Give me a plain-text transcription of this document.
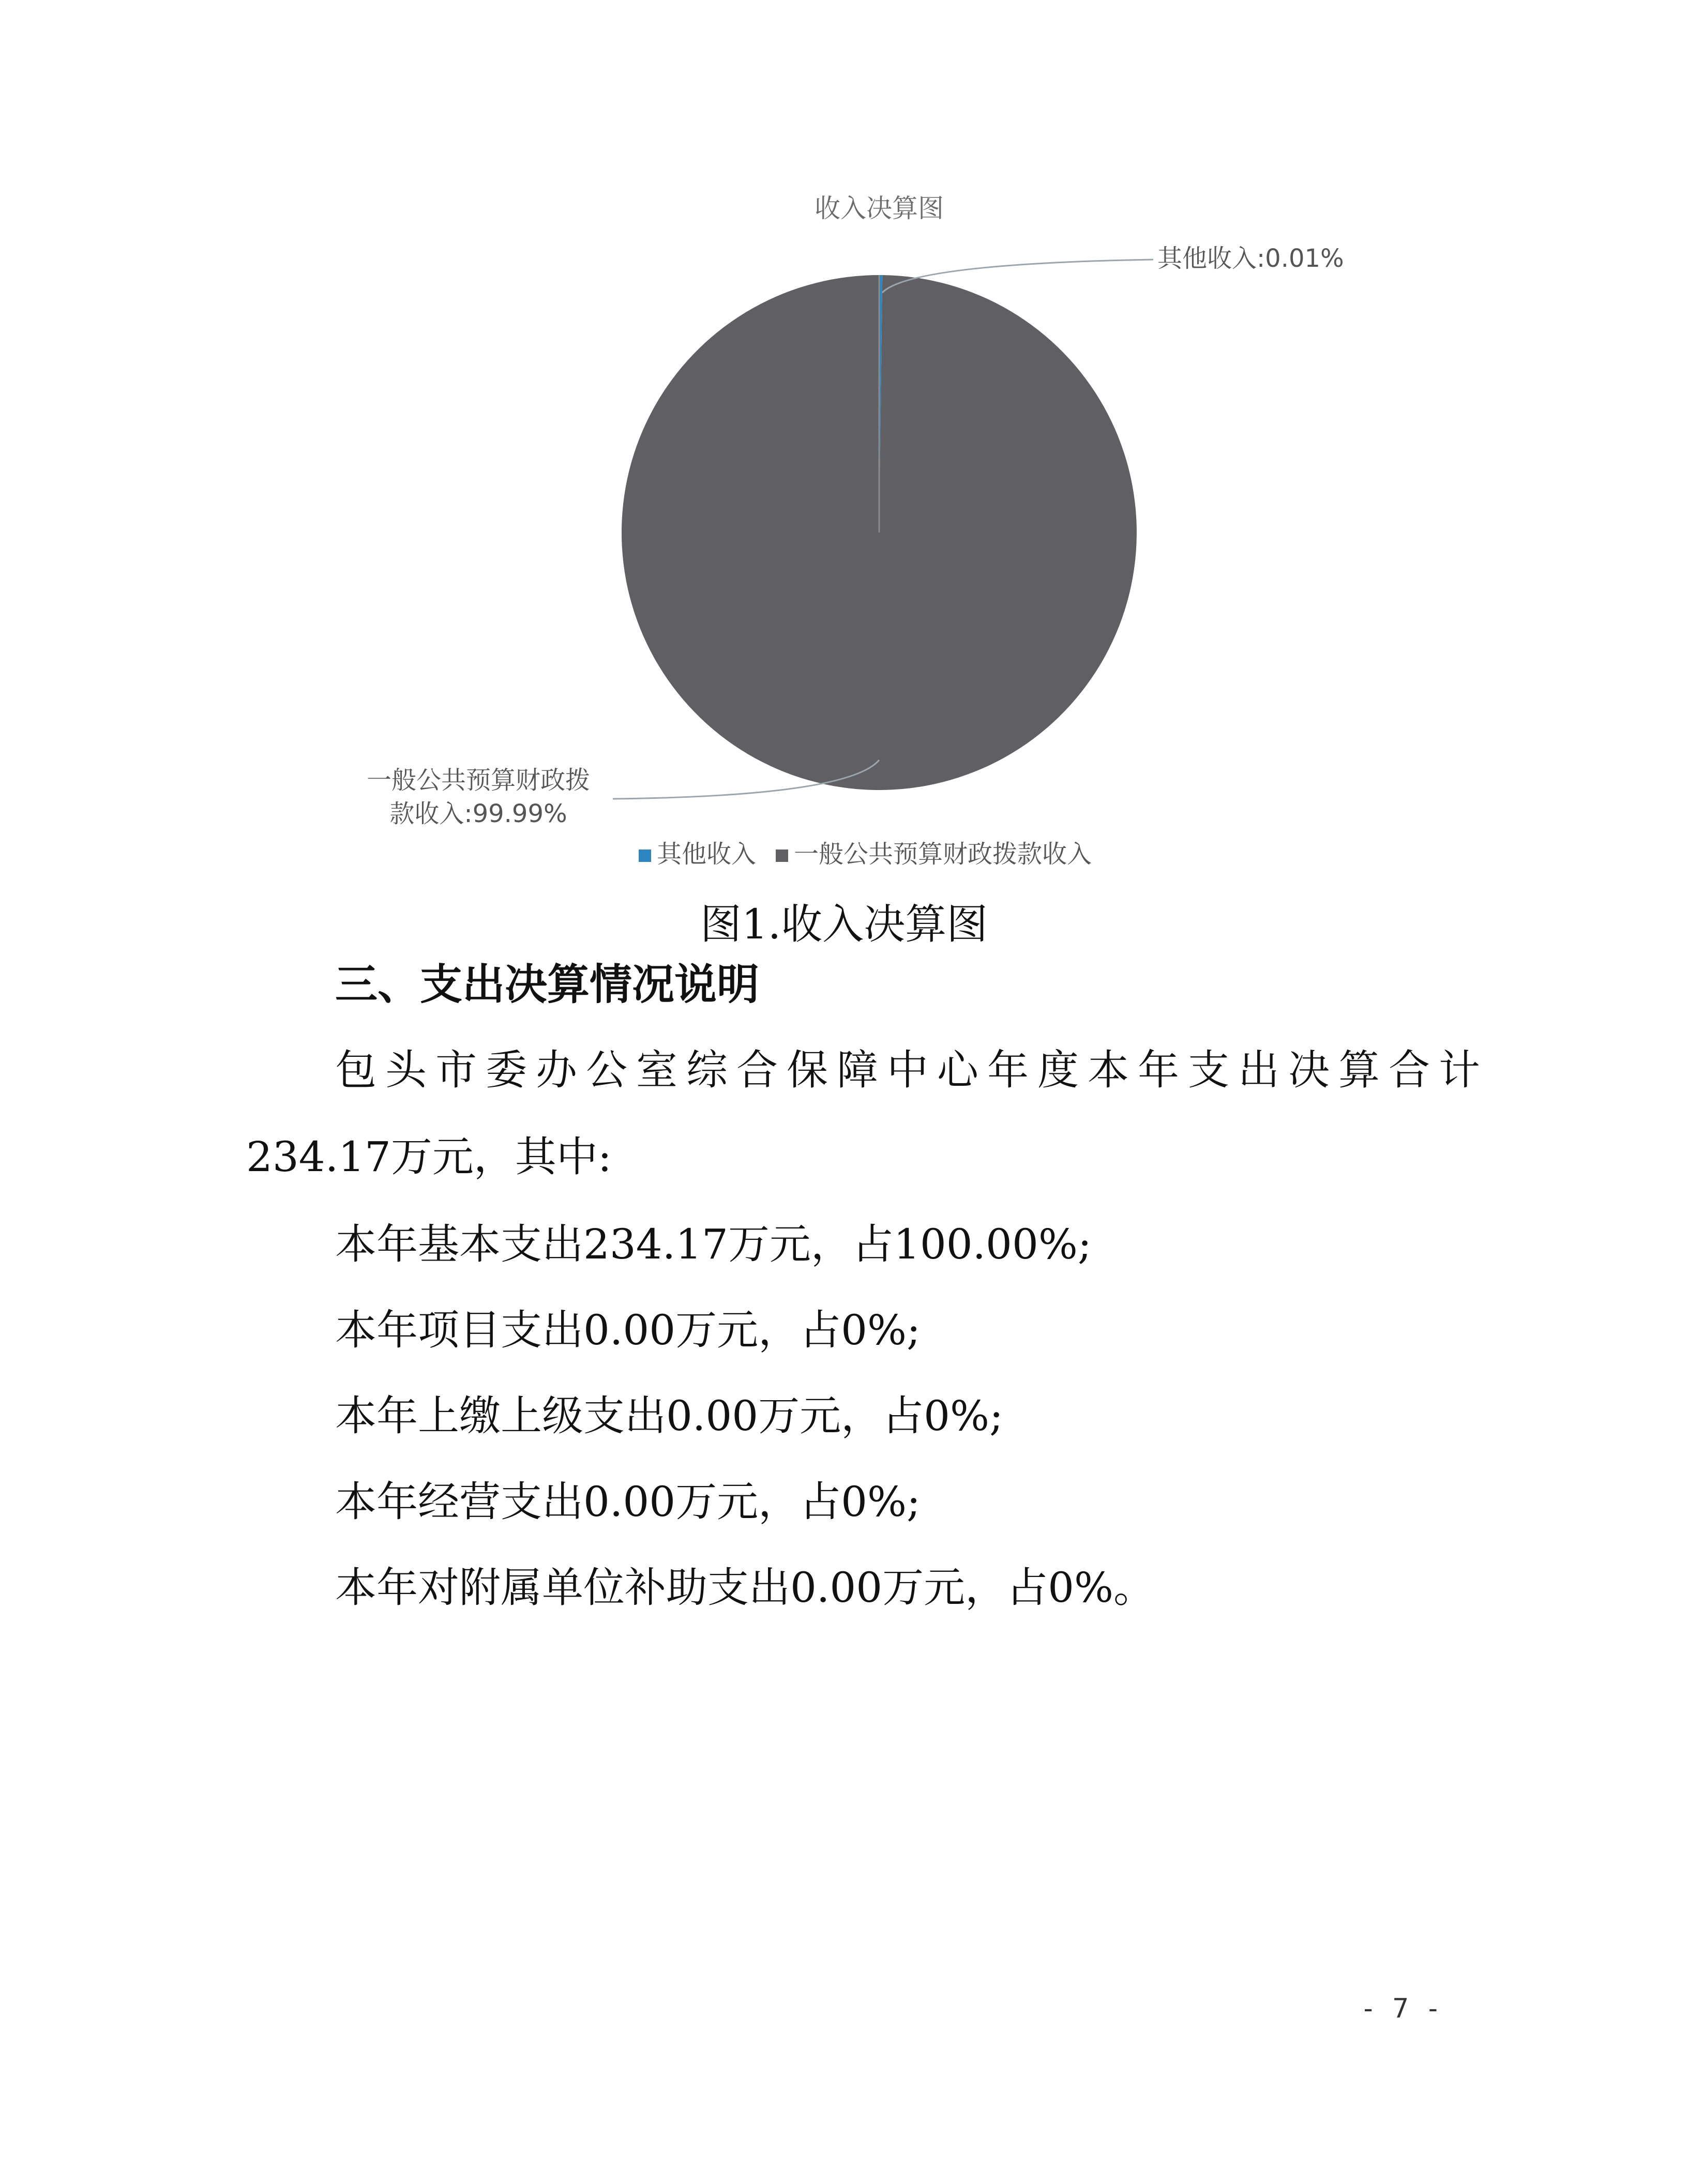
收入决算图
其他收入:0.01%
一般公共预算财政拨
款收入:99.99%
其他收入 一般公共预算财政拨款收入
图1.收入决算图
三、支出决算情况说明
包头市委办公室综合保障中心年度本年支出决算合计
234.17万元，其中:
本年基本支出234.17万元，占100.00%;
本年项目支出0.00万元，占0%;
本年上缴上级支出0.00万元，占0%;
本年经营支出0.00万元，占0%;
本年对附属单位补助支出0.00万元，占0%。
- 7 -
